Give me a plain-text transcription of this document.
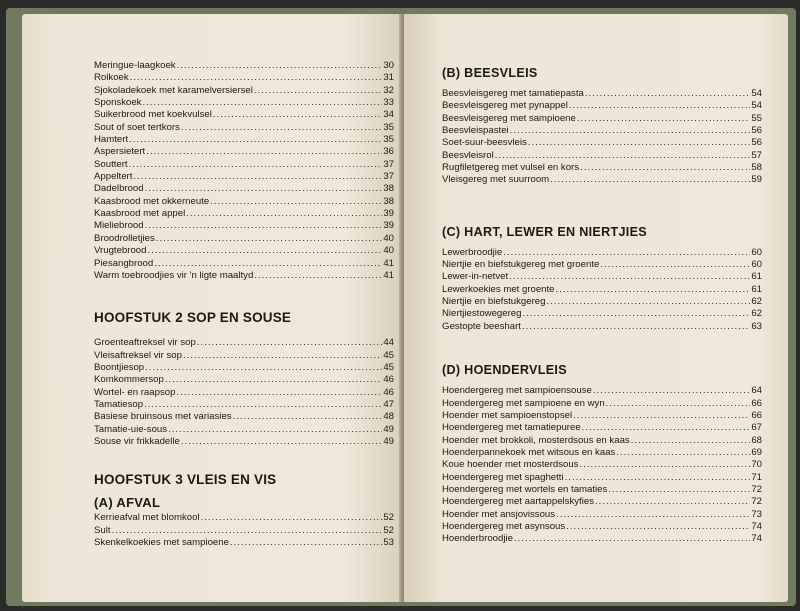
Meringue-laagkoek .....	30
Rolkoek .....	31
Sjokoladekoek met karamelversiersel .....	32
Sponskoek .....	33
Suikerbrood met koekvulsel .....	34
Sout of soet tertkors .....	35
Hamtert .....	35
Aspersietert .....	36
Souttert .....	37
Appeltert .....	37
Dadelbrood .....	38
Kaasbrood met okkerneute .....	38
Kaasbrood met appel .....	39
Mieliebrood .....	39
Broodrolletjies .....	40
Vrugtebrood .....	40
Piesangbrood .....	41
Warm toebroodjies vir 'n ligte maaltyd .....	41
HOOFSTUK 2 SOP EN SOUSE
Groenteaftreksel vir sop .....	44
Vleisaftreksel vir sop .....	45
Boontjiesop .....	45
Komkommersop .....	46
Wortel- en raapsop .....	46
Tamatiesop .....	47
Basiese bruinsous met variasies .....	48
Tamatie-uie-sous .....	49
Souse vir frikkadelle .....	49
HOOFSTUK 3 VLEIS EN VIS
(A) AFVAL
Kerrieafval met blomkool .....	52
Sult .....	52
Skenkelkoekies met sampioene .....	53
(B) BEESVLEIS
Beesvleisgereg met tamatiepasta .....	54
Beesvleisgereg met pynappel .....	54
Beesvleisgereg met sampioene .....	55
Beesvleispastei .....	56
Soet-suur-beesvleis .....	56
Beesvleisrol .....	57
Rugfiletgereg met vulsel en kors .....	58
Vleisgereg met suurroom .....	59
(C) HART, LEWER EN NIERTJIES
Lewerbroodjie .....	60
Niertjie en biefstukgereg met groente .....	60
Lewer-in-netvet .....	61
Lewerkoekies met groente .....	61
Niertjie en biefstukgereg .....	62
Niertjiestowegereg .....	62
Gestopte beeshart .....	63
(D) HOENDERVLEIS
Hoendergereg met sampioensouse .....	64
Hoendergereg met sampioene en wyn .....	66
Hoender met sampioenstopsel .....	66
Hoendergereg met tamatiepuree .....	67
Hoender met brokkoli, mosterdsous en kaas .....	68
Hoenderpannekoek met witsous en kaas .....	69
Koue hoender met mosterdsous .....	70
Hoendergereg met spaghetti .....	71
Hoendergereg met wortels en tamaties .....	72
Hoendergereg met aartappelskyfies .....	72
Hoender met ansjovissous .....	73
Hoendergereg met asynsous .....	74
Hoenderbroodjie .....	74
